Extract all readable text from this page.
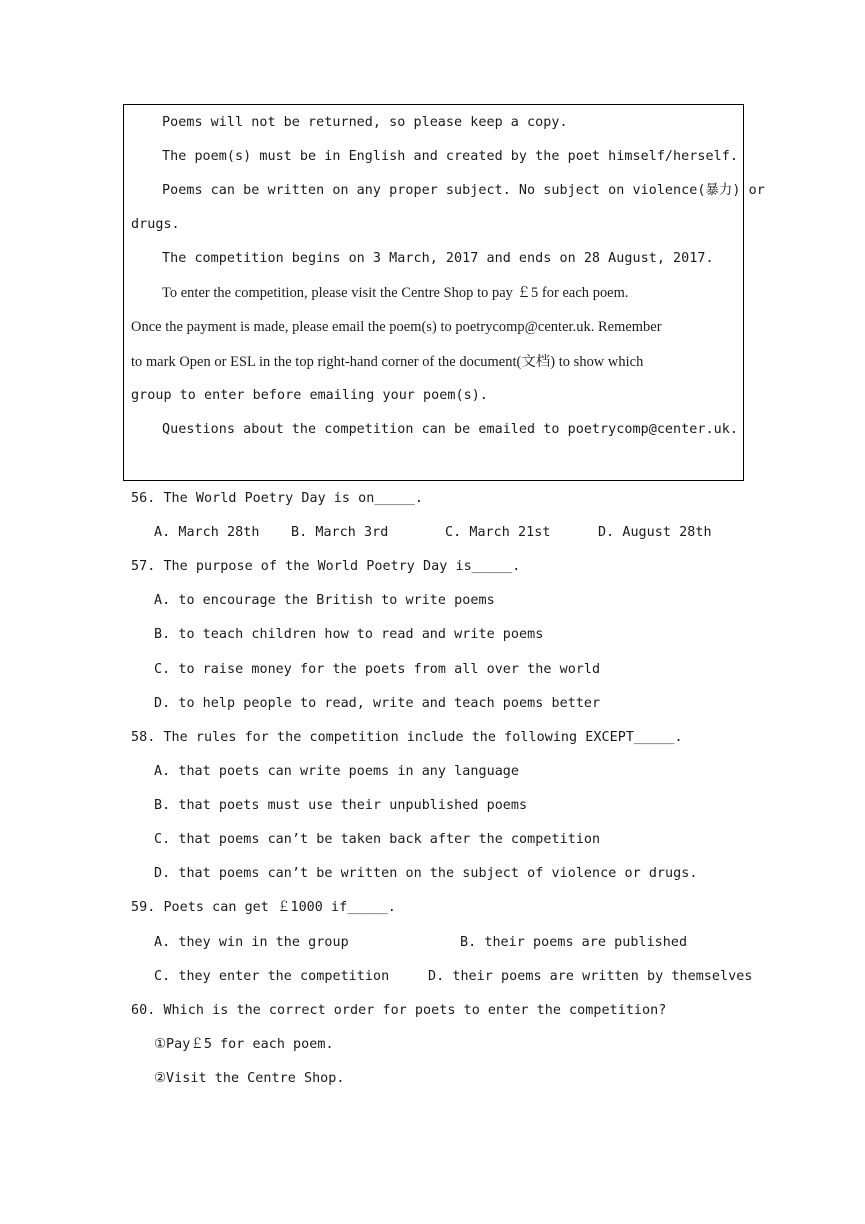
Poems will not be returned, so please keep a copy.
The poem(s) must be in English and created by the poet himself/herself.
Poems can be written on any proper subject. No subject on violence(暴力) or
drugs.
The competition begins on 3 March, 2017 and ends on 28 August, 2017.
To enter the competition, please visit the Centre Shop to pay ￡5 for each poem.
Once the payment is made, please email the poem(s) to poetrycomp@center.uk. Remember
to mark Open or ESL in the top right-hand corner of the document(文档) to show which
group to enter before emailing your poem(s).
Questions about the competition can be emailed to poetrycomp@center.uk.
56. The World Poetry Day is on_____.
A. March 28th B. March 3rd	C. March 21st	D. August 28th
57. The purpose of the World Poetry Day is_____.
A. to encourage the British to write poems
B. to teach children how to read and write poems
C. to raise money for the poets from all over the world
D. to help people to read, write and teach poems better
58. The rules for the competition include the following EXCEPT_____.
A. that poets can write poems in any language
B. that poets must use their unpublished poems
C. that poems can’t be taken back after the competition
D. that poems can’t be written on the subject of violence or drugs.
59. Poets can get ￡1000 if_____.
A. they win in the group	B. their poems are published
C. they enter the competition	D. their poems are written by themselves
60. Which is the correct order for poets to enter the competition?
①Pay￡5 for each poem.
②Visit the Centre Shop.
